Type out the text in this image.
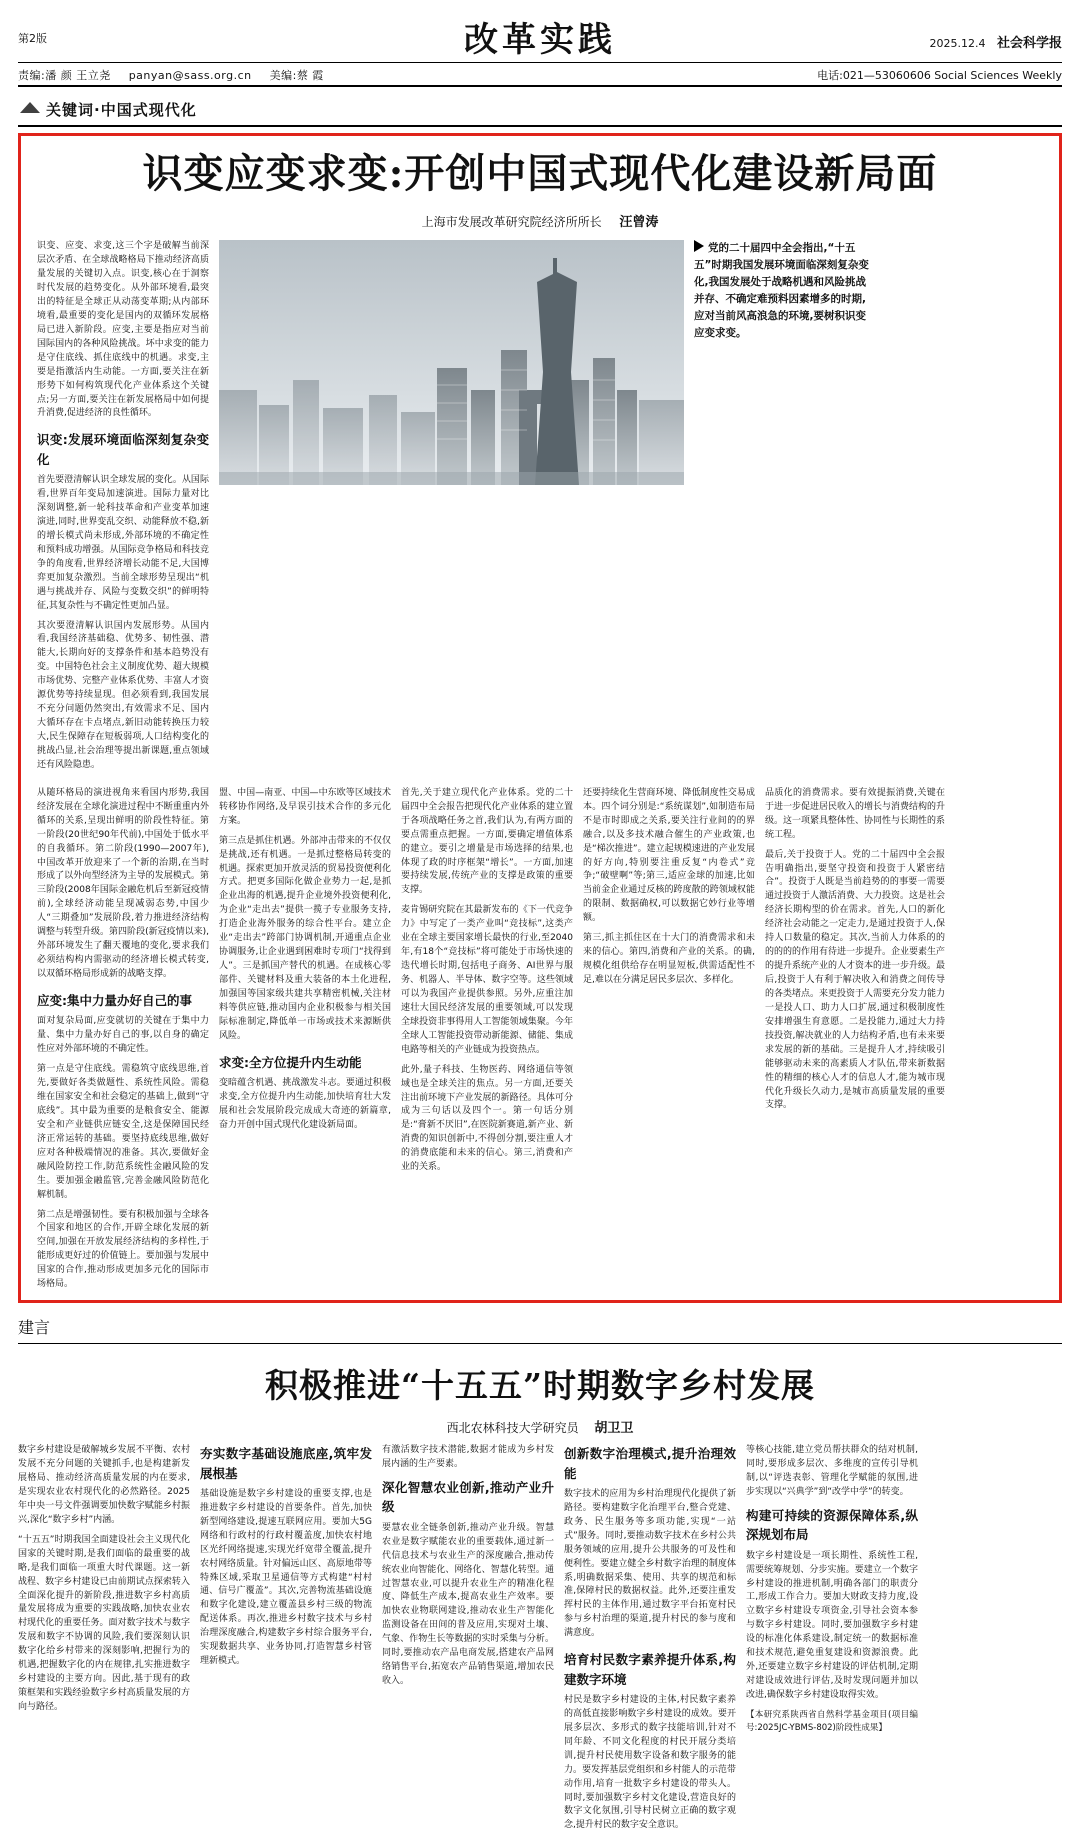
第2版	改革实践	2025.12.4 社会科学报
责编:潘 颜 王立尧 panyan@sass.org.cn 美编:蔡 霞	电话:021—53060606 Social Sciences Weekly
关键词·中国式现代化
识变应变求变:开创中国式现代化建设新局面
上海市发展改革研究院经济所所长 汪曾涛

识变、应变、求变,这三个字是破解当前深层次矛盾、在全球战略格局下推动经济高质量发展的关键切入点。识变,核心在于洞察时代发展的趋势变化。从外部环境看,最突出的特征是全球正从动荡变革期;从内部环境看,最重要的变化是国内的双循环发展格局已进入新阶段。应变,主要是指应对当前国际国内的各种风险挑战。坏中求变的能力是守住底线、抓住底线中的机遇。求变,主要是指激活内生动能。一方面,要关注在新形势下如何构筑现代化产业体系这个关键点;另一方面,要关注在新发展格局中如何提升消费,促进经济的良性循环。

识变:发展环境面临深刻复杂变化

首先要澄清解认识全球发展的变化。从国际看,世界百年变局加速演进。国际力量对比深刻调整,新一轮科技革命和产业变革加速演进,同时,世界变乱交织、动能释放不稳,新的增长模式尚未形成,外部环境的不确定性和预料成功增强。从国际竞争格局和科技竞争的角度看,世界经济增长动能不足,大国博弈更加复杂激烈。当前全球形势呈现出“机遇与挑战并存、风险与变数交织”的鲜明特征,其复杂性与不确定性更加凸显。

其次要澄清解认识国内发展形势。从国内看,我国经济基础稳、优势多、韧性强、潜能大,长期向好的支撑条件和基本趋势没有变。中国特色社会主义制度优势、超大规模市场优势、完整产业体系优势、丰富人才资源优势等持续显现。但必须看到,我国发展不充分问题仍然突出,有效需求不足、国内大循环存在卡点堵点,新旧动能转换压力较大,民生保障存在短板弱项,人口结构变化的挑战凸显,社会治理等提出新课题,重点领域还有风险隐患。

党的二十届四中全会指出,“十五五”时期我国发展环境面临深刻复杂变化,我国发展处于战略机遇和风险挑战并存、不确定难预料因素增多的时期,应对当前风高浪急的环境,要树积识变应变求变。

从随环格局的演进视角来看国内形势,我国经济发展在全球化演进过程中不断重重内外循环的关系,呈现出鲜明的阶段性特征。第一阶段(20世纪90年代前),中国处于低水平的自我循环。第二阶段(1990—2007年),中国改革开放迎来了一个新的治期,在当时形成了以外向型经济为主导的发展模式。第三阶段(2008年国际金融危机后至新冠疫情前),全球经济动能呈现减弱态势,中国少人“三期叠加”发展阶段,着力推进经济结构调整与转型升级。第四阶段(新冠疫情以来),外部环境发生了翻天覆地的变化,要求我们必须结构构内需驱动的经济增长模式转变,以双循环格局形成新的战略支撑。

应变:集中力量办好自己的事

面对复杂局面,应变就切的关键在于集中力量、集中力量办好自己的事,以自身的确定性应对外部环境的不确定性。

第一点是守住底线。需稳筑守底线思维,首先,要做好各类做题性、系统性风险。需稳维在国家安全和社会稳定的基础上,做到“守底线”。其中最为重要的是粮食安全、能源安全和产业链供应链安全,这是保障国民经济正常运转的基础。要坚持底线思维,做好应对各种极端情况的准备。其次,要做好金融风险防控工作,防范系统性金融风险的发生。要加强金融监管,完善金融风险防范化解机制。

第二点是增强韧性。要有积极加强与全球各个国家和地区的合作,开辟全球化发展的新空间,加强在开放发展经济结构的多样性,于能形成更好过的价值链上。要加强与发展中国家的合作,推动形成更加多元化的国际市场格局。

盟、中国—南亚、中国—中东欧等区域技术转移协作网络,及早误引技术合作的多元化方案。

第三点是抓住机遇。外部冲击带来的不仅仅是挑战,还有机遇。一是抓过整格局转变的机遇。探索更加开放灵活的贸易投资便利化方式。把更多国际化做企业势力一起,是抓企业出海的机遇,提升企业境外投资便利化,为企业“走出去”提供一揽子专业服务支持,打造企业海外服务的综合性平台。建立企业“走出去”跨部门协调机制,开通重点企业协调服务,让企业遇到困难时专项门“找得到人”。三是抓国产替代的机遇。在成核心零部件、关键材料及重大装备的本土化进程,加强国等国家级共建共享精密机械,关注材料等供应链,推动国内企业积极参与相关国际标准制定,降低单一市场或技术来源断供风险。

求变:全方位提升内生动能

变暗蕴含机遇、挑战激发斗志。要通过积极求变,全方位提升内生动能,加快培育壮大发展和社会发展阶段完成成大奇迹的新篇章,奋力开创中国式现代化建设新局面。

首先,关于建立现代化产业体系。党的二十届四中全会报告把现代化产业体系的建立置于各项战略任务之首,我们认为,有两方面的要点需重点把握。一方面,要确定增值体系的建立。要引之增量是市场选择的结果,也体现了政的时序框架“增长”。一方面,加速要持续发展,传统产业的支撑是政策的重要支撑。

麦肯锡研究院在其最新发布的《下一代竞争力》中写定了一类产业叫“竞技标”,这类产业在全球主要国家增长最快的行业,至2040年,有18个“竞技标”将可能处于市场快速的迭代增长时期,包括电子商务、AI世界与服务、机器人、半导体、数字空等。这些领域可以为我国产业提供参照。另外,应重注加速壮大国民经济发展的重要领域,可以发现全球投资非事得用人工智能领域集聚。今年全球人工智能投资带动新能源、储能、集成电路等相关的产业链成为投资热点。

此外,量子科技、生物医药、网络通信等领域也是全球关注的焦点。另一方面,还要关注出前环境下产业发展的新路径。具体可分成为三句话以及四个一。第一句话分别是:“膏新不厌旧”,在医院新赛道,新产业、新消费的知识创新中,不得创分割,要注重人才的消费底能和未来的信心。第三,消费和产业的关系。

还要持续化生营商环境、降低制度性交易成本。四个词分别是:“系统谋划”,如制造布局不是市时即成之关系,要关注行业间的的界融合,以及多技术融合催生的产业政策,也是“梯次推进”。建立起规模速进的产业发展的好方向,特别要注重反复“内卷式”竞争;“破壁啊”等;第三,适应金球的加速,比如当前金企业通过反核的跨度散的跨领域权能的限制、数据确权,可以数据它妙行业等增额。

第三,抓主抓住区在十大门的消费需求和未来的信心。第四,消费和产业的关系。的确,规模化组供给存在明显短板,供需适配性不足,难以在分满足居民多层次、多样化。

品质化的消费需求。要有效提振消费,关键在于进一步促进居民收入的增长与消费结构的升级。这一项紧具整体性、协同性与长期性的系统工程。

最后,关于投资于人。党的二十届四中全会报告明确指出,要坚守投资和投资于人紧密结合”。投资于人既是当前趋势的的事要一需要通过投资于人激活消费、大力投资。这是社会经济长期构型的价在需求。首先,人口的新化经济社会动能之一定走力,是通过投资于人,保持人口数量的稳定。其次,当前人力体系的的的的的的作用有待进一步提升。企业要素生产的提升系统产业的人才资本的进一步升级。最后,投资于人有利于解决收入和消费之间传导的各类堵点。来更投资于人需要充分发力能力一是投人口、助力人口扩展,通过积极制度性安排增强生育意愿。二是投能力,通过大力持技投资,解决就业的人力结构矛盾,也有未来要求发展的新的基础。三是提升人才,持续吸引能够驱动未来的高素质人才队伍,带来新数据性的精细的核心人才的信息人才,能为城市现代化升级长久动力,是城市高质量发展的重要支撑。

建言
积极推进“十五五”时期数字乡村发展
西北农林科技大学研究员 胡卫卫

数字乡村建设是破解城乡发展不平衡、农村发展不充分问题的关键抓手,也是构建新发展格局、推动经济高质量发展的内在要求,是实现农业农村现代化的必然路径。2025年中央一号文件强调要加快数字赋能乡村振兴,深化“数字乡村”内涵。

“十五五”时期我国全面建设社会主义现代化国家的关键时期,是我们面临的最重要的战略,是我们面临一项重大时代课题。这一新战程、数字乡村建设已由前期试点探索转入全面深化提升的新阶段,推进数字乡村高质量发展将成为重要的实践战略,加快农业农村现代化的重要任务。面对数字技术与数字发展和数字不协调的风险,我们要深刻认识数字化给乡村带来的深刻影响,把握行为的机遇,把握数字化的内在规律,扎实推进数字乡村建设的主要方向。因此,基于现有的政策框架和实践经验数字乡村高质量发展的方向与路径。

夯实数字基础设施底座,筑牢发展根基

基础设施是数字乡村建设的重要支撑,也是推进数字乡村建设的首要条件。首先,加快新型网络建设,提速互联网应用。要加大5G网络和行政村的行政村覆盖度,加快农村地区光纤网络提速,实现光纤宽带全覆盖,提升农村网络质量。针对偏远山区、高原地带等特殊区域,采取卫星通信等方式构建“村村通、信号广覆盖”。其次,完善物流基础设施和数字化建设,建立覆盖县乡村三级的物流配送体系。再次,推进乡村数字技术与乡村治理深度融合,构建数字乡村综合服务平台,实现数据共享、业务协同,打造智慧乡村管理新模式。

有激活数字技术潜能,数据才能成为乡村发展内涵的生产要素。

深化智慧农业创新,推动产业升级

要慧农业全链条创新,推动产业升级。智慧农业是数字赋能农业的重要载体,通过新一代信息技术与农业生产的深度融合,推动传统农业向智能化、网络化、智慧化转型。通过智慧农业,可以提升农业生产的精准化程度、降低生产成本,提高农业生产效率。要加快农业物联网建设,推动农业生产智能化监测设备在田间的普及应用,实现对土壤、气象、作物生长等数据的实时采集与分析。同时,要推动农产品电商发展,搭建农产品网络销售平台,拓宽农产品销售渠道,增加农民收入。

创新数字治理模式,提升治理效能

数字技术的应用为乡村治理现代化提供了新路径。要构建数字化治理平台,整合党建、政务、民生服务等多项功能,实现“一站式”服务。同时,要推动数字技术在乡村公共服务领域的应用,提升公共服务的可及性和便利性。要建立健全乡村数字治理的制度体系,明确数据采集、使用、共享的规范和标准,保障村民的数据权益。此外,还要注重发挥村民的主体作用,通过数字平台拓宽村民参与乡村治理的渠道,提升村民的参与度和满意度。

培育村民数字素养提升体系,构建数字环境

村民是数字乡村建设的主体,村民数字素养的高低直接影响数字乡村建设的成效。要开展多层次、多形式的数字技能培训,针对不同年龄、不同文化程度的村民开展分类培训,提升村民使用数字设备和数字服务的能力。要发挥基层党组织和乡村能人的示范带动作用,培育一批数字乡村建设的带头人。同时,要加强数字乡村文化建设,营造良好的数字文化氛围,引导村民树立正确的数字观念,提升村民的数字安全意识。

等核心技能,建立党员帮扶群众的结对机制,同时,要形成多层次、多维度的宣传引导机制,以“评选表彰、管理化学赋能的氛围,进步实现以“兴典学”到“改学中学”的转变。

构建可持续的资源保障体系,纵深规划布局

数字乡村建设是一项长期性、系统性工程,需要统筹规划、分步实施。要建立一个数字乡村建设的推进机制,明确各部门的职责分工,形成工作合力。要加大财政支持力度,设立数字乡村建设专项资金,引导社会资本参与数字乡村建设。同时,要加强数字乡村建设的标准化体系建设,制定统一的数据标准和技术规范,避免重复建设和资源浪费。此外,还要建立数字乡村建设的评估机制,定期对建设成效进行评估,及时发现问题并加以改进,确保数字乡村建设取得实效。

【本研究系陕西省自然科学基金项目(项目编号:2025JC-YBMS-802)阶段性成果】
